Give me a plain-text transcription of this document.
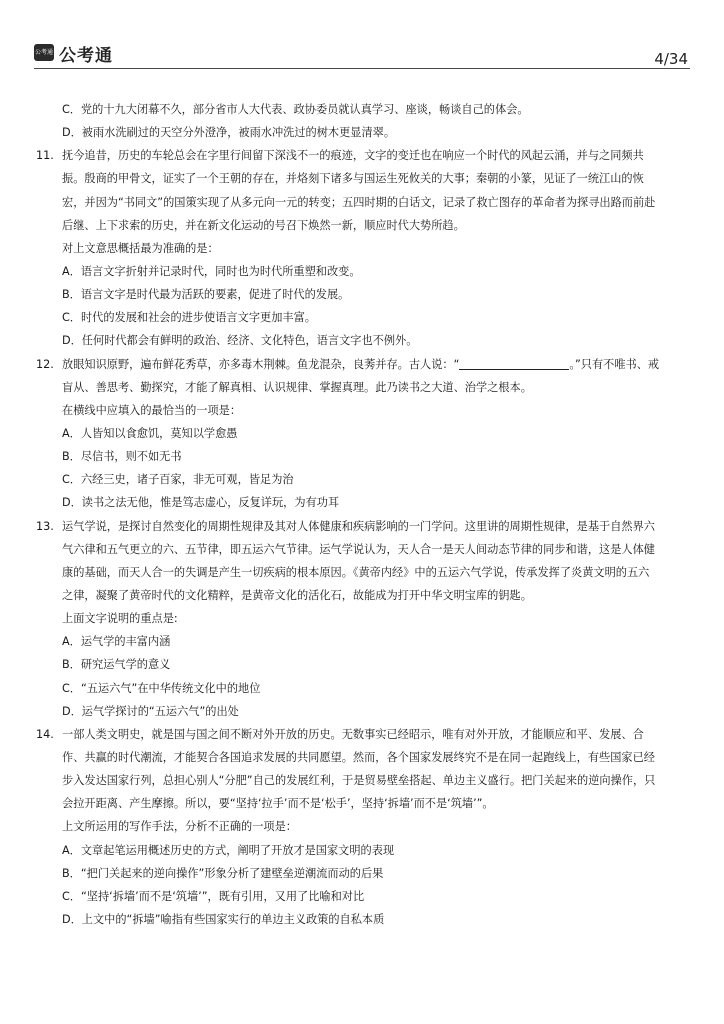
公考通 公考通	4/34
C．党的十九大闭幕不久，部分省市人大代表、政协委员就认真学习、座谈，畅谈自己的体会。
D．被雨水洗刷过的天空分外澄净，被雨水冲洗过的树木更显清翠。
11. 抚今追昔，历史的车轮总会在字里行间留下深浅不一的痕迹，文字的变迁也在响应一个时代的风起云涌，并与之同频共
振。殷商的甲骨文，证实了一个王朝的存在，并烙刻下诸多与国运生死攸关的大事；秦朝的小篆，见证了一统江山的恢
宏，并因为“书同文”的国策实现了从多元向一元的转变；五四时期的白话文，记录了救亡图存的革命者为探寻出路而前赴
后继、上下求索的历史，并在新文化运动的号召下焕然一新，顺应时代大势所趋。
对上文意思概括最为准确的是：
A．语言文字折射并记录时代，同时也为时代所重塑和改变。
B．语言文字是时代最为活跃的要素，促进了时代的发展。
C．时代的发展和社会的进步使语言文字更加丰富。
D．任何时代都会有鲜明的政治、经济、文化特色，语言文字也不例外。
12. 放眼知识原野，遍布鲜花秀草，亦多毒木荆棘。鱼龙混杂，良莠并存。古人说：“	。”只有不唯书、戒
盲从、善思考、勤探究，才能了解真相、认识规律、掌握真理。此乃读书之大道、治学之根本。
在横线中应填入的最恰当的一项是：
A．人皆知以食愈饥，莫知以学愈愚
B．尽信书，则不如无书
C．六经三史，诸子百家，非无可观，皆足为治
D．读书之法无他，惟是笃志虚心，反复详玩，为有功耳
13. 运气学说，是探讨自然变化的周期性规律及其对人体健康和疾病影响的一门学问。这里讲的周期性规律，是基于自然界六
气六律和五气更立的六、五节律，即五运六气节律。运气学说认为，天人合一是天人间动态节律的同步和谐，这是人体健
康的基础，而天人合一的失调是产生一切疾病的根本原因。《黄帝内经》中的五运六气学说，传承发挥了炎黄文明的五六
之律，凝聚了黄帝时代的文化精粹，是黄帝文化的活化石，故能成为打开中华文明宝库的钥匙。
上面文字说明的重点是:
A．运气学的丰富内涵
B．研究运气学的意义
C．“五运六气”在中华传统文化中的地位
D．运气学探讨的“五运六气”的出处
14. 一部人类文明史，就是国与国之间不断对外开放的历史。无数事实已经昭示，唯有对外开放，才能顺应和平、发展、合
作、共赢的时代潮流，才能契合各国追求发展的共同愿望。然而，各个国家发展终究不是在同一起跑线上，有些国家已经
步入发达国家行列，总担心别人“分肥”自己的发展红利，于是贸易壁垒搭起、单边主义盛行。把门关起来的逆向操作，只
会拉开距离、产生摩擦。所以，要“坚持‘拉手’而不是‘松手’，坚持‘拆墙’而不是‘筑墙’”。
上文所运用的写作手法，分析不正确的一项是：
A．文章起笔运用概述历史的方式，阐明了开放才是国家文明的表现
B．“把门关起来的逆向操作”形象分析了建壁垒逆潮流而动的后果
C．“坚持‘拆墙’而不是‘筑墙’”，既有引用，又用了比喻和对比
D．上文中的“拆墙”喻指有些国家实行的单边主义政策的自私本质
